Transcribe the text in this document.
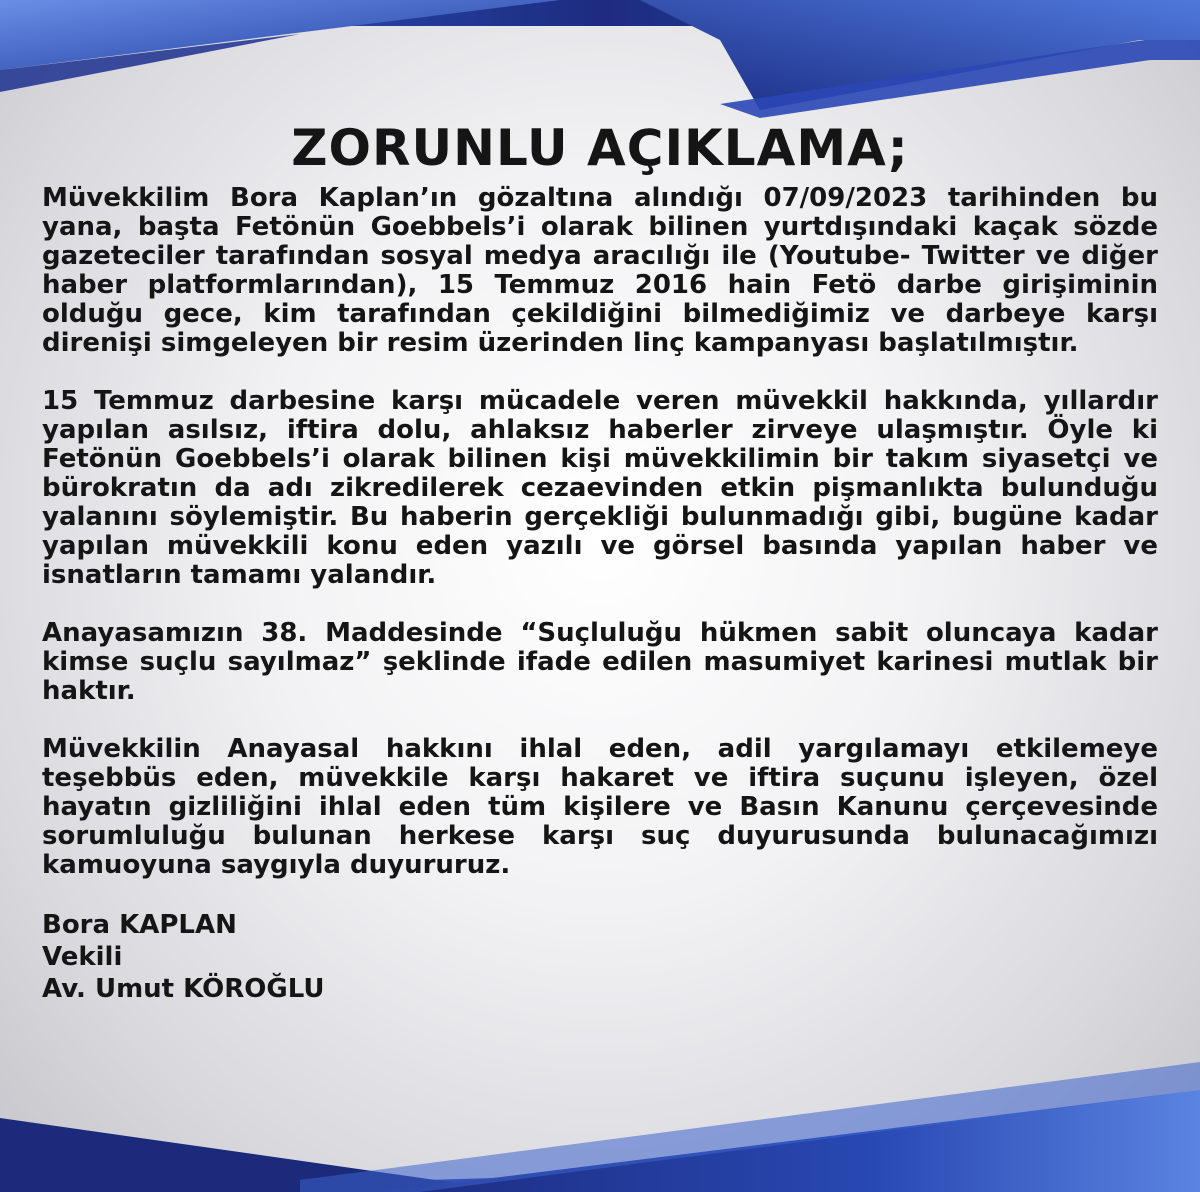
ZORUNLU AÇIKLAMA;

Müvekkilim Bora Kaplan’ın gözaltına alındığı 07/09/2023 tarihinden bu yana, başta Fetönün Goebbels’i olarak bilinen yurtdışındaki kaçak sözde gazeteciler tarafından sosyal medya aracılığı ile (Youtube- Twitter ve diğer haber platformlarından), 15 Temmuz 2016 hain Fetö darbe girişiminin olduğu gece, kim tarafından çekildiğini bilmediğimiz ve darbeye karşı direnişi simgeleyen bir resim üzerinden linç kampanyası başlatılmıştır.

15 Temmuz darbesine karşı mücadele veren müvekkil hakkında, yıllardır yapılan asılsız, iftira dolu, ahlaksız haberler zirveye ulaşmıştır. Öyle ki Fetönün Goebbels’i olarak bilinen kişi müvekkilimin bir takım siyasetçi ve bürokratın da adı zikredilerek cezaevinden etkin pişmanlıkta bulunduğu yalanını söylemiştir. Bu haberin gerçekliği bulunmadığı gibi, bugüne kadar yapılan müvekkili konu eden yazılı ve görsel basında yapılan haber ve isnatların tamamı yalandır.

Anayasamızın 38. Maddesinde “Suçluluğu hükmen sabit oluncaya kadar kimse suçlu sayılmaz” şeklinde ifade edilen masumiyet karinesi mutlak bir haktır.

Müvekkilin Anayasal hakkını ihlal eden, adil yargılamayı etkilemeye teşebbüs eden, müvekkile karşı hakaret ve iftira suçunu işleyen, özel hayatın gizliliğini ihlal eden tüm kişilere ve Basın Kanunu çerçevesinde sorumluluğu bulunan herkese karşı suç duyurusunda bulunacağımızı kamuoyuna saygıyla duyururuz.

Bora KAPLAN
Vekili
Av. Umut KÖROĞLU
